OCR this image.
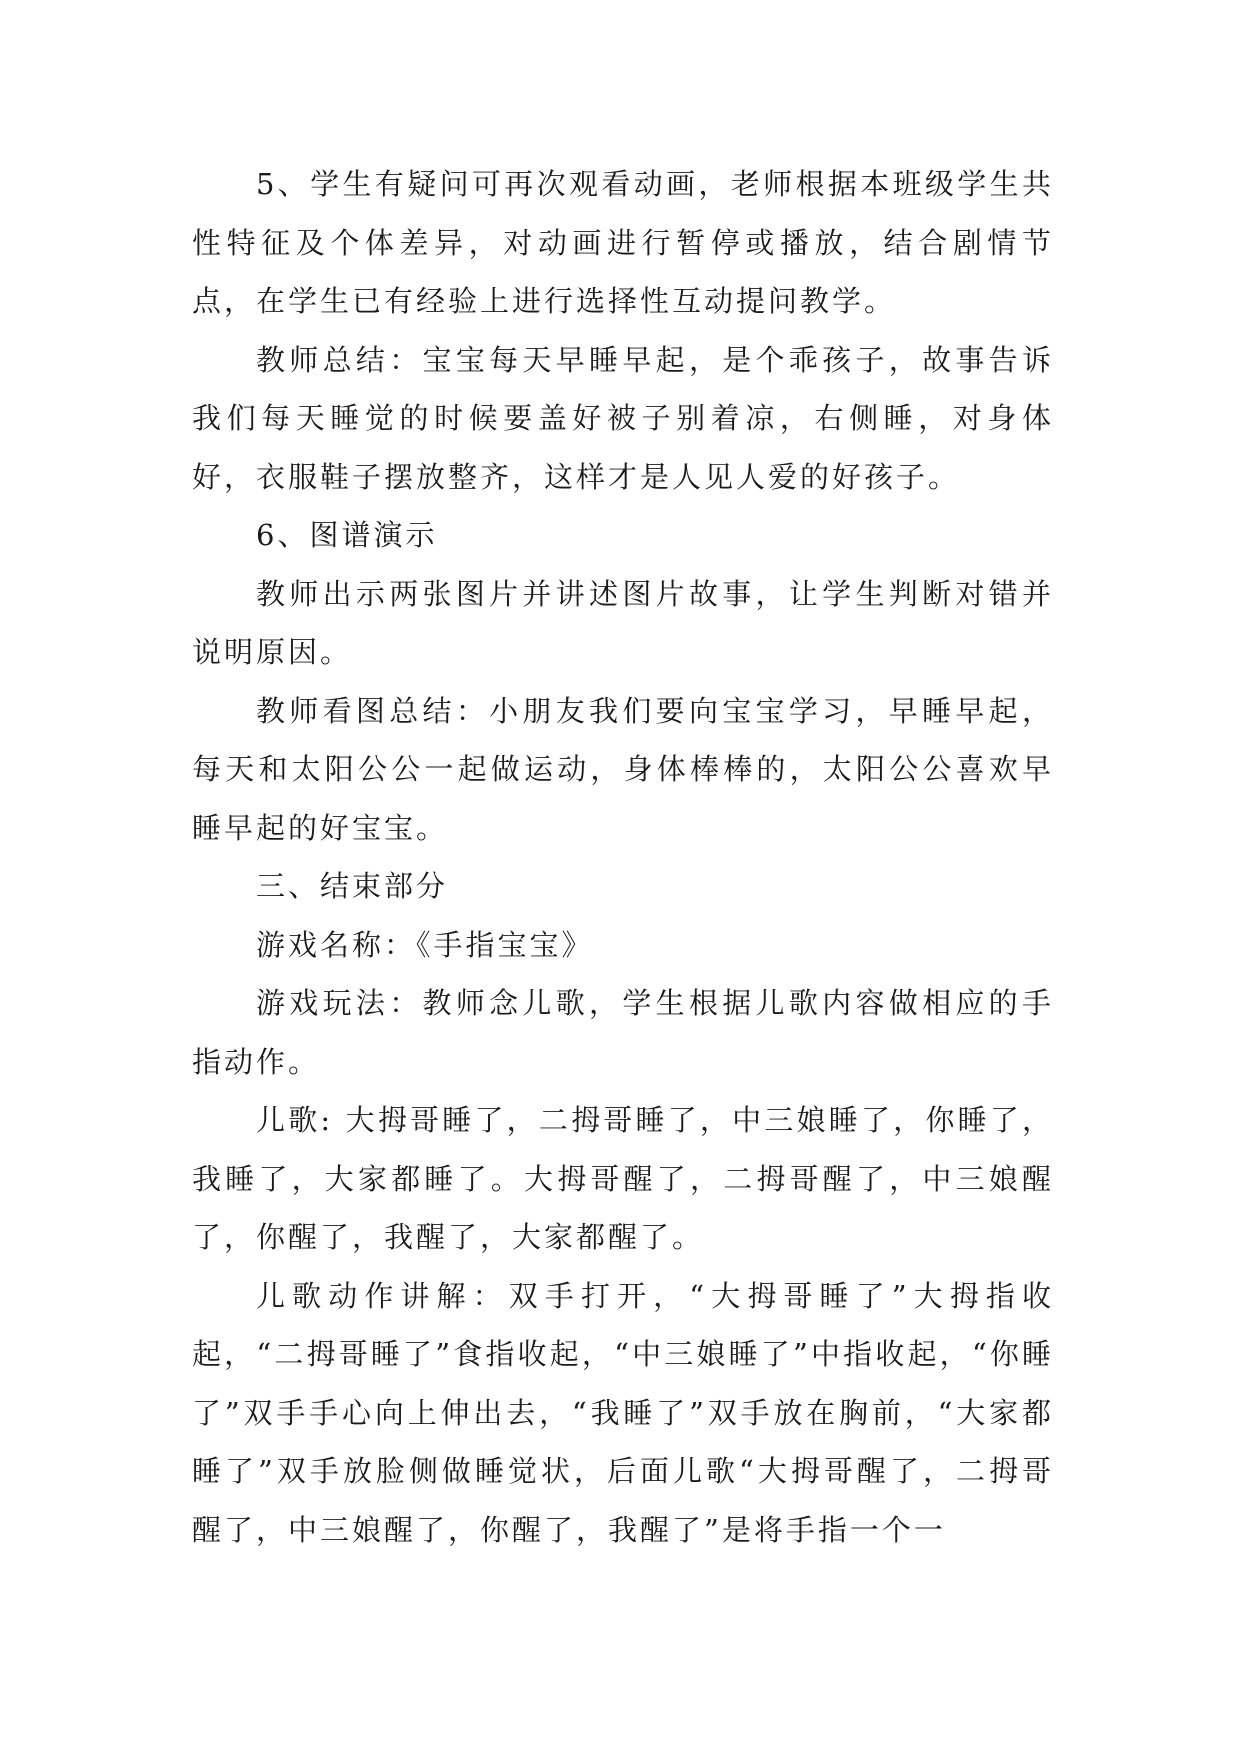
5、学生有疑问可再次观看动画，老师根据本班级学生共性特征及个体差异，对动画进行暂停或播放，结合剧情节点，在学生已有经验上进行选择性互动提问教学。

教师总结：宝宝每天早睡早起，是个乖孩子，故事告诉我们每天睡觉的时候要盖好被子别着凉，右侧睡，对身体好，衣服鞋子摆放整齐，这样才是人见人爱的好孩子。

6、图谱演示

教师出示两张图片并讲述图片故事，让学生判断对错并说明原因。

教师看图总结：小朋友我们要向宝宝学习，早睡早起，每天和太阳公公一起做运动，身体棒棒的，太阳公公喜欢早睡早起的好宝宝。

三、结束部分

游戏名称：《手指宝宝》

游戏玩法：教师念儿歌，学生根据儿歌内容做相应的手指动作。

儿歌: 大拇哥睡了，二拇哥睡了，中三娘睡了，你睡了，我睡了，大家都睡了。大拇哥醒了，二拇哥醒了，中三娘醒了，你醒了，我醒了，大家都醒了。

儿歌动作讲解：双手打开，“大拇哥睡了”大拇指收起，“二拇哥睡了”食指收起，“中三娘睡了”中指收起，“你睡了”双手手心向上伸出去，“我睡了”双手放在胸前，“大家都睡了”双手放脸侧做睡觉状，后面儿歌“大拇哥醒了，二拇哥醒了，中三娘醒了，你醒了，我醒了”是将手指一个一
